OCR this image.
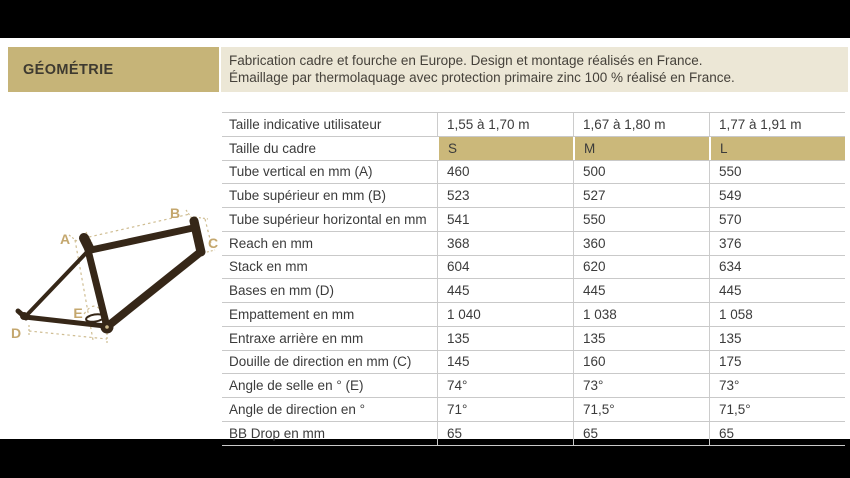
GÉOMÉTRIE
Fabrication cadre et fourche en Europe. Design et montage réalisés en France.
Émaillage par thermolaquage avec protection primaire zinc 100 % réalisé en France.
A
B
C
D
E
Taille indicative utilisateur	1,55 à 1,70 m	1,67 à 1,80 m	1,77 à 1,91 m
Taille du cadre	S	M	L
Tube vertical en mm (A)	460	500	550
Tube supérieur en mm (B)	523	527	549
Tube supérieur horizontal en mm	541	550	570
Reach en mm	368	360	376
Stack en mm	604	620	634
Bases en mm (D)	445	445	445
Empattement en mm	1 040	1 038	1 058
Entraxe arrière en mm	135	135	135
Douille de direction en mm (C)	145	160	175
Angle de selle en ° (E)	74°	73°	73°
Angle de direction en °	71°	71,5°	71,5°
BB Drop en mm	65	65	65
